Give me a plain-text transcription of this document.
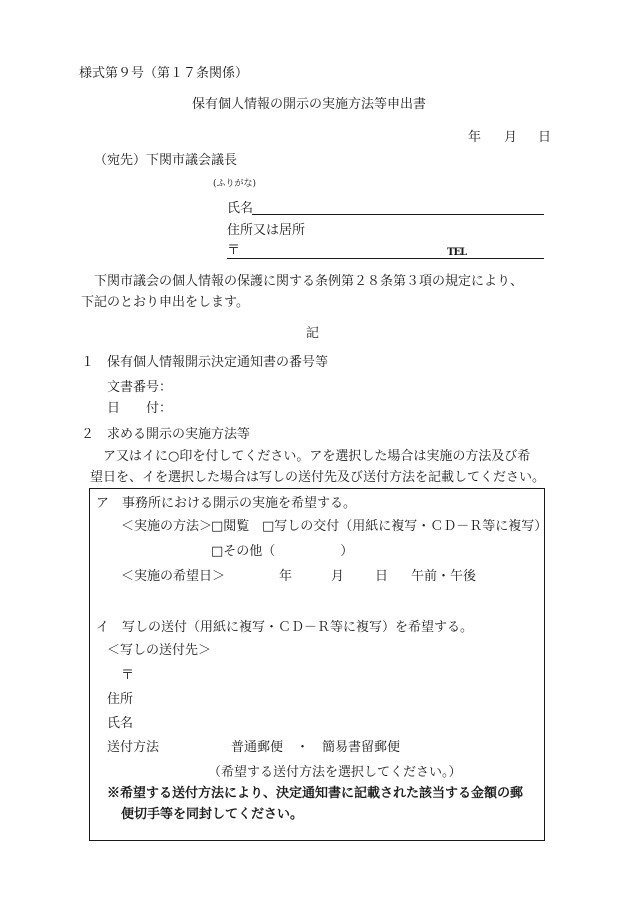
様式第９号（第１７条関係）
保有個人情報の開示の実施方法等申出書
年 月 日
（宛先）下関市議会議長
(ふりがな)
氏名
住所又は居所
〒	TEL
下関市議会の個人情報の保護に関する条例第２８条第３項の規定により、
下記のとおり申出をします。
記
１　保有個人情報開示決定通知書の番号等
文書番号：
日　　付：
２　求める開示の実施方法等
ア又はイに○印を付してください。アを選択した場合は実施の方法及び希
望日を、イを選択した場合は写しの送付先及び送付方法を記載してください。
ア　事務所における開示の実施を希望する。
＜実施の方法＞
□閲覧 □写しの交付（用紙に複写・ＣＤ－Ｒ等に複写）
□その他（　　　　　）
＜実施の希望日＞	年	月 日 午前・午後
イ　写しの送付（用紙に複写・ＣＤ－Ｒ等に複写）を希望する。
＜写しの送付先＞
〒
住所
氏名
送付方法	普通郵便　・　簡易書留郵便
（希望する送付方法を選択してください。）
※希望する送付方法により、決定通知書に記載された該当する金額の郵
便切手等を同封してください。
